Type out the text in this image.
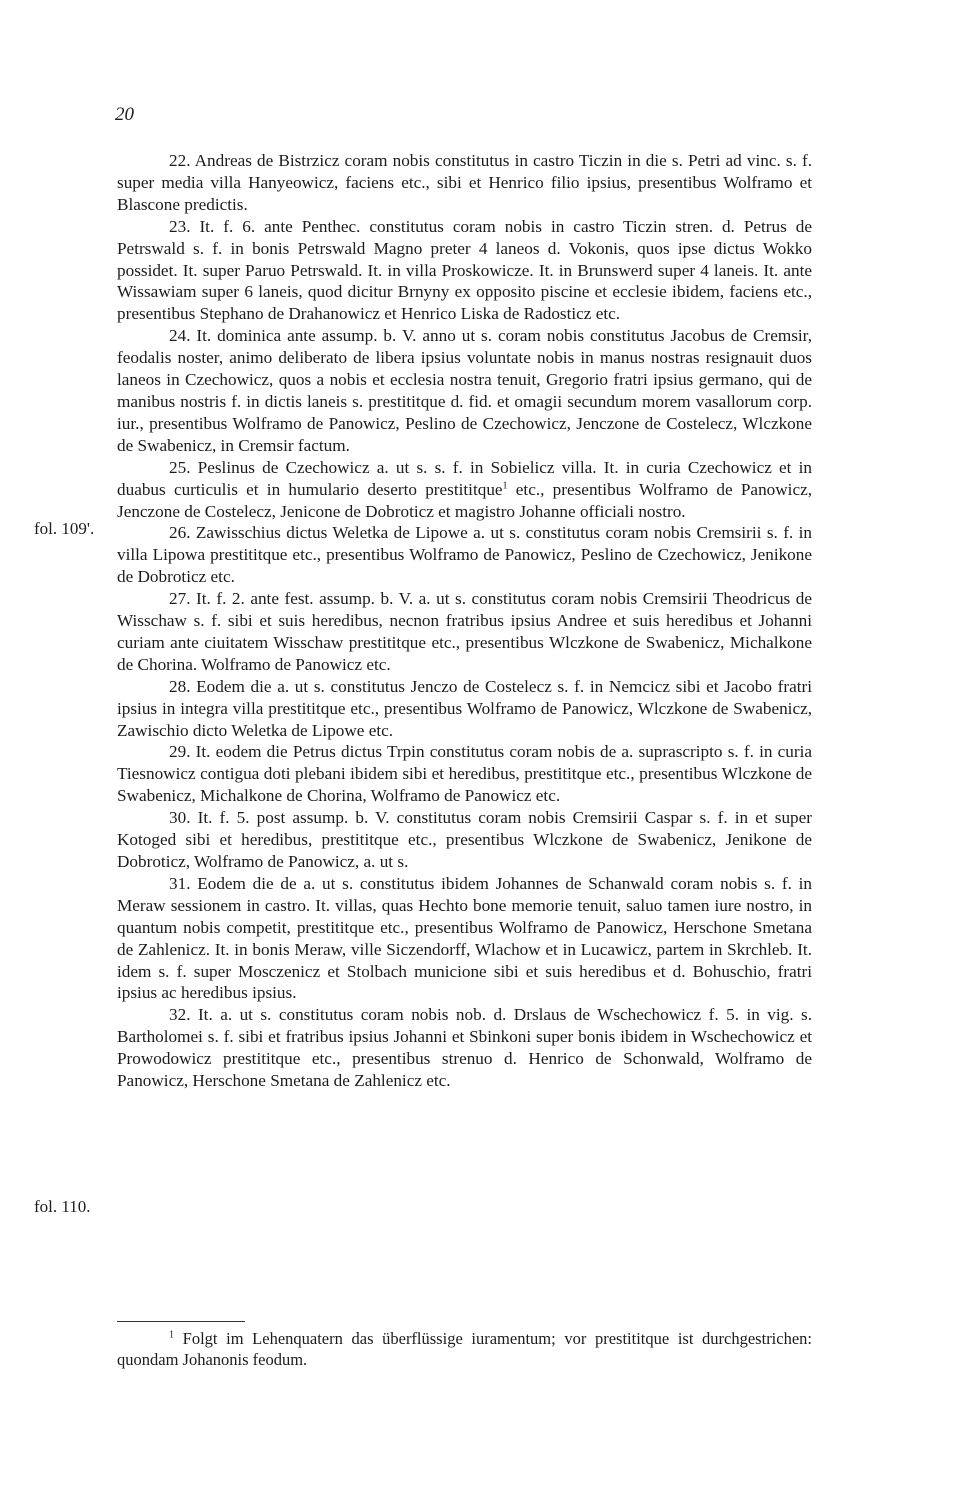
20
fol. 109'.
fol. 110.

22. Andreas de Bistrzicz coram nobis constitutus in castro Ticzin in die s. Petri ad vinc. s. f. super media villa Hanyeowicz, faciens etc., sibi et Henrico filio ipsius, presentibus Wolframo et Blascone predictis.

23. It. f. 6. ante Penthec. constitutus coram nobis in castro Ticzin stren. d. Petrus de Petrswald s. f. in bonis Petrswald Magno preter 4 laneos d. Vokonis, quos ipse dictus Wokko possidet. It. super Paruo Petrswald. It. in villa Proskowicze. It. in Brunswerd super 4 laneis. It. ante Wissawiam super 6 laneis, quod dicitur Brnyny ex opposito piscine et ecclesie ibidem, faciens etc., presentibus Stephano de Drahanowicz et Henrico Liska de Radosticz etc.

24. It. dominica ante assump. b. V. anno ut s. coram nobis constitutus Jacobus de Cremsir, feodalis noster, animo deliberato de libera ipsius voluntate nobis in manus nostras resignauit duos laneos in Czechowicz, quos a nobis et ecclesia nostra tenuit, Gregorio fratri ipsius germano, qui de manibus nostris f. in dictis laneis s. prestititque d. fid. et omagii secundum morem vasallorum corp. iur., presentibus Wolframo de Panowicz, Peslino de Czechowicz, Jenczone de Costelecz, Wlczkone de Swabenicz, in Cremsir factum.

25. Peslinus de Czechowicz a. ut s. s. f. in Sobielicz villa. It. in curia Czechowicz et in duabus curticulis et in humulario deserto prestititque$^1$ etc., presentibus Wolframo de Panowicz, Jenczone de Costelecz, Jenicone de Dobroticz et magistro Johanne officiali nostro.

26. Zawisschius dictus Weletka de Lipowe a. ut s. constitutus coram nobis Cremsirii s. f. in villa Lipowa prestititque etc., presentibus Wolframo de Panowicz, Peslino de Czechowicz, Jenikone de Dobroticz etc.

27. It. f. 2. ante fest. assump. b. V. a. ut s. constitutus coram nobis Cremsirii Theodricus de Wisschaw s. f. sibi et suis heredibus, necnon fratribus ipsius Andree et suis heredibus et Johanni curiam ante ciuitatem Wisschaw prestititque etc., presentibus Wlczkone de Swabenicz, Michalkone de Chorina. Wolframo de Panowicz etc.

28. Eodem die a. ut s. constitutus Jenczo de Costelecz s. f. in Nemcicz sibi et Jacobo fratri ipsius in integra villa prestititque etc., presentibus Wolframo de Panowicz, Wlczkone de Swabenicz, Zawischio dicto Weletka de Lipowe etc.

29. It. eodem die Petrus dictus Trpin constitutus coram nobis de a. suprascripto s. f. in curia Tiesnowicz contigua doti plebani ibidem sibi et heredibus, prestititque etc., presentibus Wlczkone de Swabenicz, Michalkone de Chorina, Wolframo de Panowicz etc.

30. It. f. 5. post assump. b. V. constitutus coram nobis Cremsirii Caspar s. f. in et super Kotoged sibi et heredibus, prestititque etc., presentibus Wlczkone de Swabenicz, Jenikone de Dobroticz, Wolframo de Panowicz, a. ut s.

31. Eodem die de a. ut s. constitutus ibidem Johannes de Schanwald coram nobis s. f. in Meraw sessionem in castro. It. villas, quas Hechto bone memorie tenuit, saluo tamen iure nostro, in quantum nobis competit, prestititque etc., presentibus Wolframo de Panowicz, Herschone Smetana de Zahlenicz. It. in bonis Meraw, ville Siczendorff, Wlachow et in Lucawicz, partem in Skrchleb. It. idem s. f. super Mosczenicz et Stolbach municione sibi et suis heredibus et d. Bohuschio, fratri ipsius ac heredibus ipsius.

32. It. a. ut s. constitutus coram nobis nob. d. Drslaus de Wschechowicz f. 5. in vig. s. Bartholomei s. f. sibi et fratribus ipsius Johanni et Sbinkoni super bonis ibidem in Wschechowicz et Prowodowicz prestititque etc., presentibus strenuo d. Henrico de Schonwald, Wolframo de Panowicz, Herschone Smetana de Zahlenicz etc.

$^1$ Folgt im Lehenquatern das überflüssige iuramentum; vor prestititque ist durchgestrichen: quondam Johanonis feodum.
